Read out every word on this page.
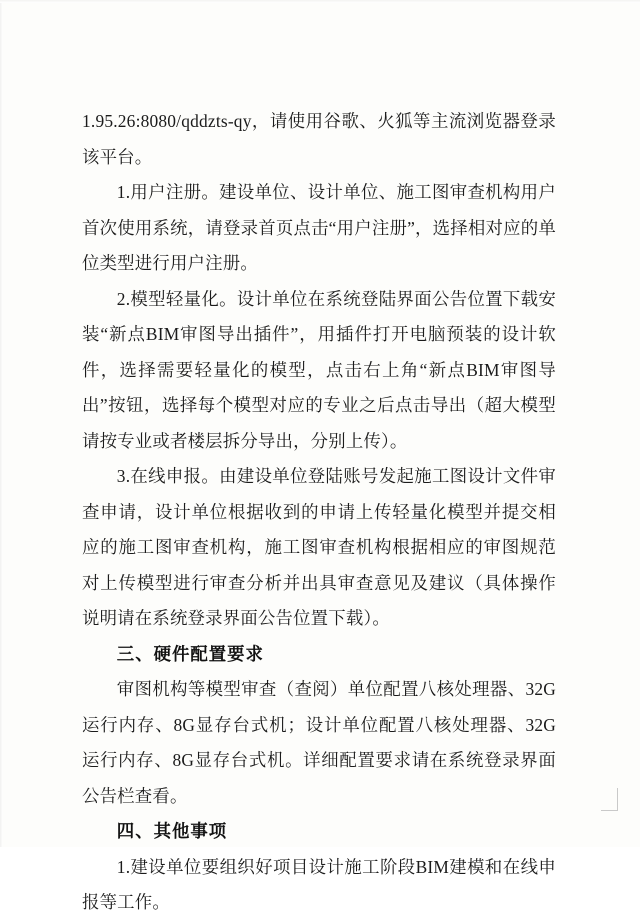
1.95.26:8080/qddzts-qy，请使用谷歌、火狐等主流浏览器登录该平台。

1.用户注册。建设单位、设计单位、施工图审查机构用户首次使用系统，请登录首页点击“用户注册”，选择相对应的单位类型进行用户注册。

2.模型轻量化。设计单位在系统登陆界面公告位置下载安装“新点BIM审图导出插件”，用插件打开电脑预装的设计软件，选择需要轻量化的模型，点击右上角“新点BIM审图导出”按钮，选择每个模型对应的专业之后点击导出（超大模型请按专业或者楼层拆分导出，分别上传）。

3.在线申报。由建设单位登陆账号发起施工图设计文件审查申请，设计单位根据收到的申请上传轻量化模型并提交相应的施工图审查机构，施工图审查机构根据相应的审图规范对上传模型进行审查分析并出具审查意见及建议（具体操作说明请在系统登录界面公告位置下载）。

三、硬件配置要求

审图机构等模型审查（查阅）单位配置八核处理器、32G运行内存、8G显存台式机；设计单位配置八核处理器、32G运行内存、8G显存台式机。详细配置要求请在系统登录界面公告栏查看。

四、其他事项

1.建设单位要组织好项目设计施工阶段BIM建模和在线申报等工作。
